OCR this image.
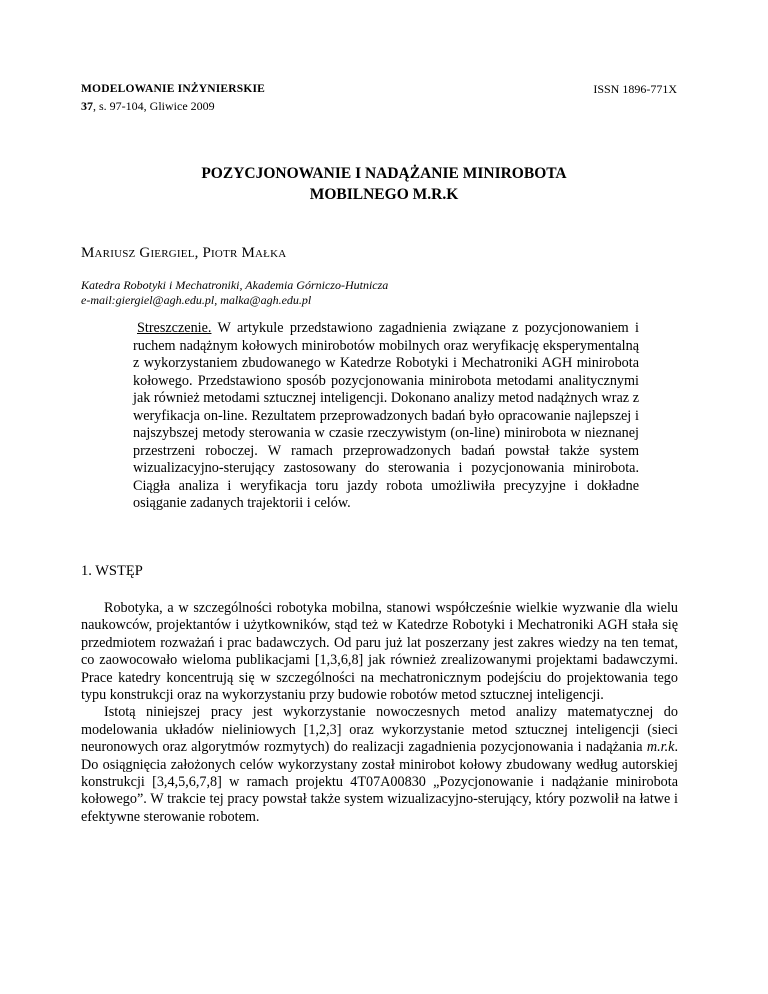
MODELOWANIE INŻYNIERSKIE
37, s. 97-104, Gliwice 2009
ISSN 1896-771X
POZYCJONOWANIE I NADĄŻANIE MINIROBOTA
MOBILNEGO M.R.K
Mariusz Giergiel, Piotr Małka
Katedra Robotyki i Mechatroniki, Akademia Górniczo-Hutnicza
e-mail:giergiel@agh.edu.pl, malka@agh.edu.pl
Streszczenie. W artykule przedstawiono zagadnienia związane z pozycjonowaniem i ruchem nadążnym kołowych minirobotów mobilnych oraz weryfikację eksperymentalną z wykorzystaniem zbudowanego w Katedrze Robotyki i Mechatroniki AGH minirobota kołowego. Przedstawiono sposób pozycjonowania minirobota metodami analitycznymi jak również metodami sztucznej inteligencji. Dokonano analizy metod nadążnych wraz z weryfikacja on-line. Rezultatem przeprowadzonych badań było opracowanie najlepszej i najszybszej metody sterowania w czasie rzeczywistym (on-line) minirobota w nieznanej przestrzeni roboczej. W ramach przeprowadzonych badań powstał także system wizualizacyjno-sterujący zastosowany do sterowania i pozycjonowania minirobota. Ciągła analiza i weryfikacja toru jazdy robota umożliwiła precyzyjne i dokładne osiąganie zadanych trajektorii i celów.
1. WSTĘP

Robotyka, a w szczególności robotyka mobilna, stanowi współcześnie wielkie wyzwanie dla wielu naukowców, projektantów i użytkowników, stąd też w Katedrze Robotyki i Mechatroniki AGH stała się przedmiotem rozważań i prac badawczych. Od paru już lat poszerzany jest zakres wiedzy na ten temat, co zaowocowało wieloma publikacjami [1,3,6,8] jak również zrealizowanymi projektami badawczymi. Prace katedry koncentrują się w szczególności na mechatronicznym podejściu do projektowania tego typu konstrukcji oraz na wykorzystaniu przy budowie robotów metod sztucznej inteligencji.

Istotą niniejszej pracy jest wykorzystanie nowoczesnych metod analizy matematycznej do modelowania układów nieliniowych [1,2,3] oraz wykorzystanie metod sztucznej inteligencji (sieci neuronowych oraz algorytmów rozmytych) do realizacji zagadnienia pozycjonowania i nadążania m.r.k. Do osiągnięcia założonych celów wykorzystany został minirobot kołowy zbudowany według autorskiej konstrukcji [3,4,5,6,7,8] w ramach projektu 4T07A00830 „Pozycjonowanie i nadążanie minirobota kołowego”. W trakcie tej pracy powstał także system wizualizacyjno-sterujący, który pozwolił na łatwe i efektywne sterowanie robotem.
